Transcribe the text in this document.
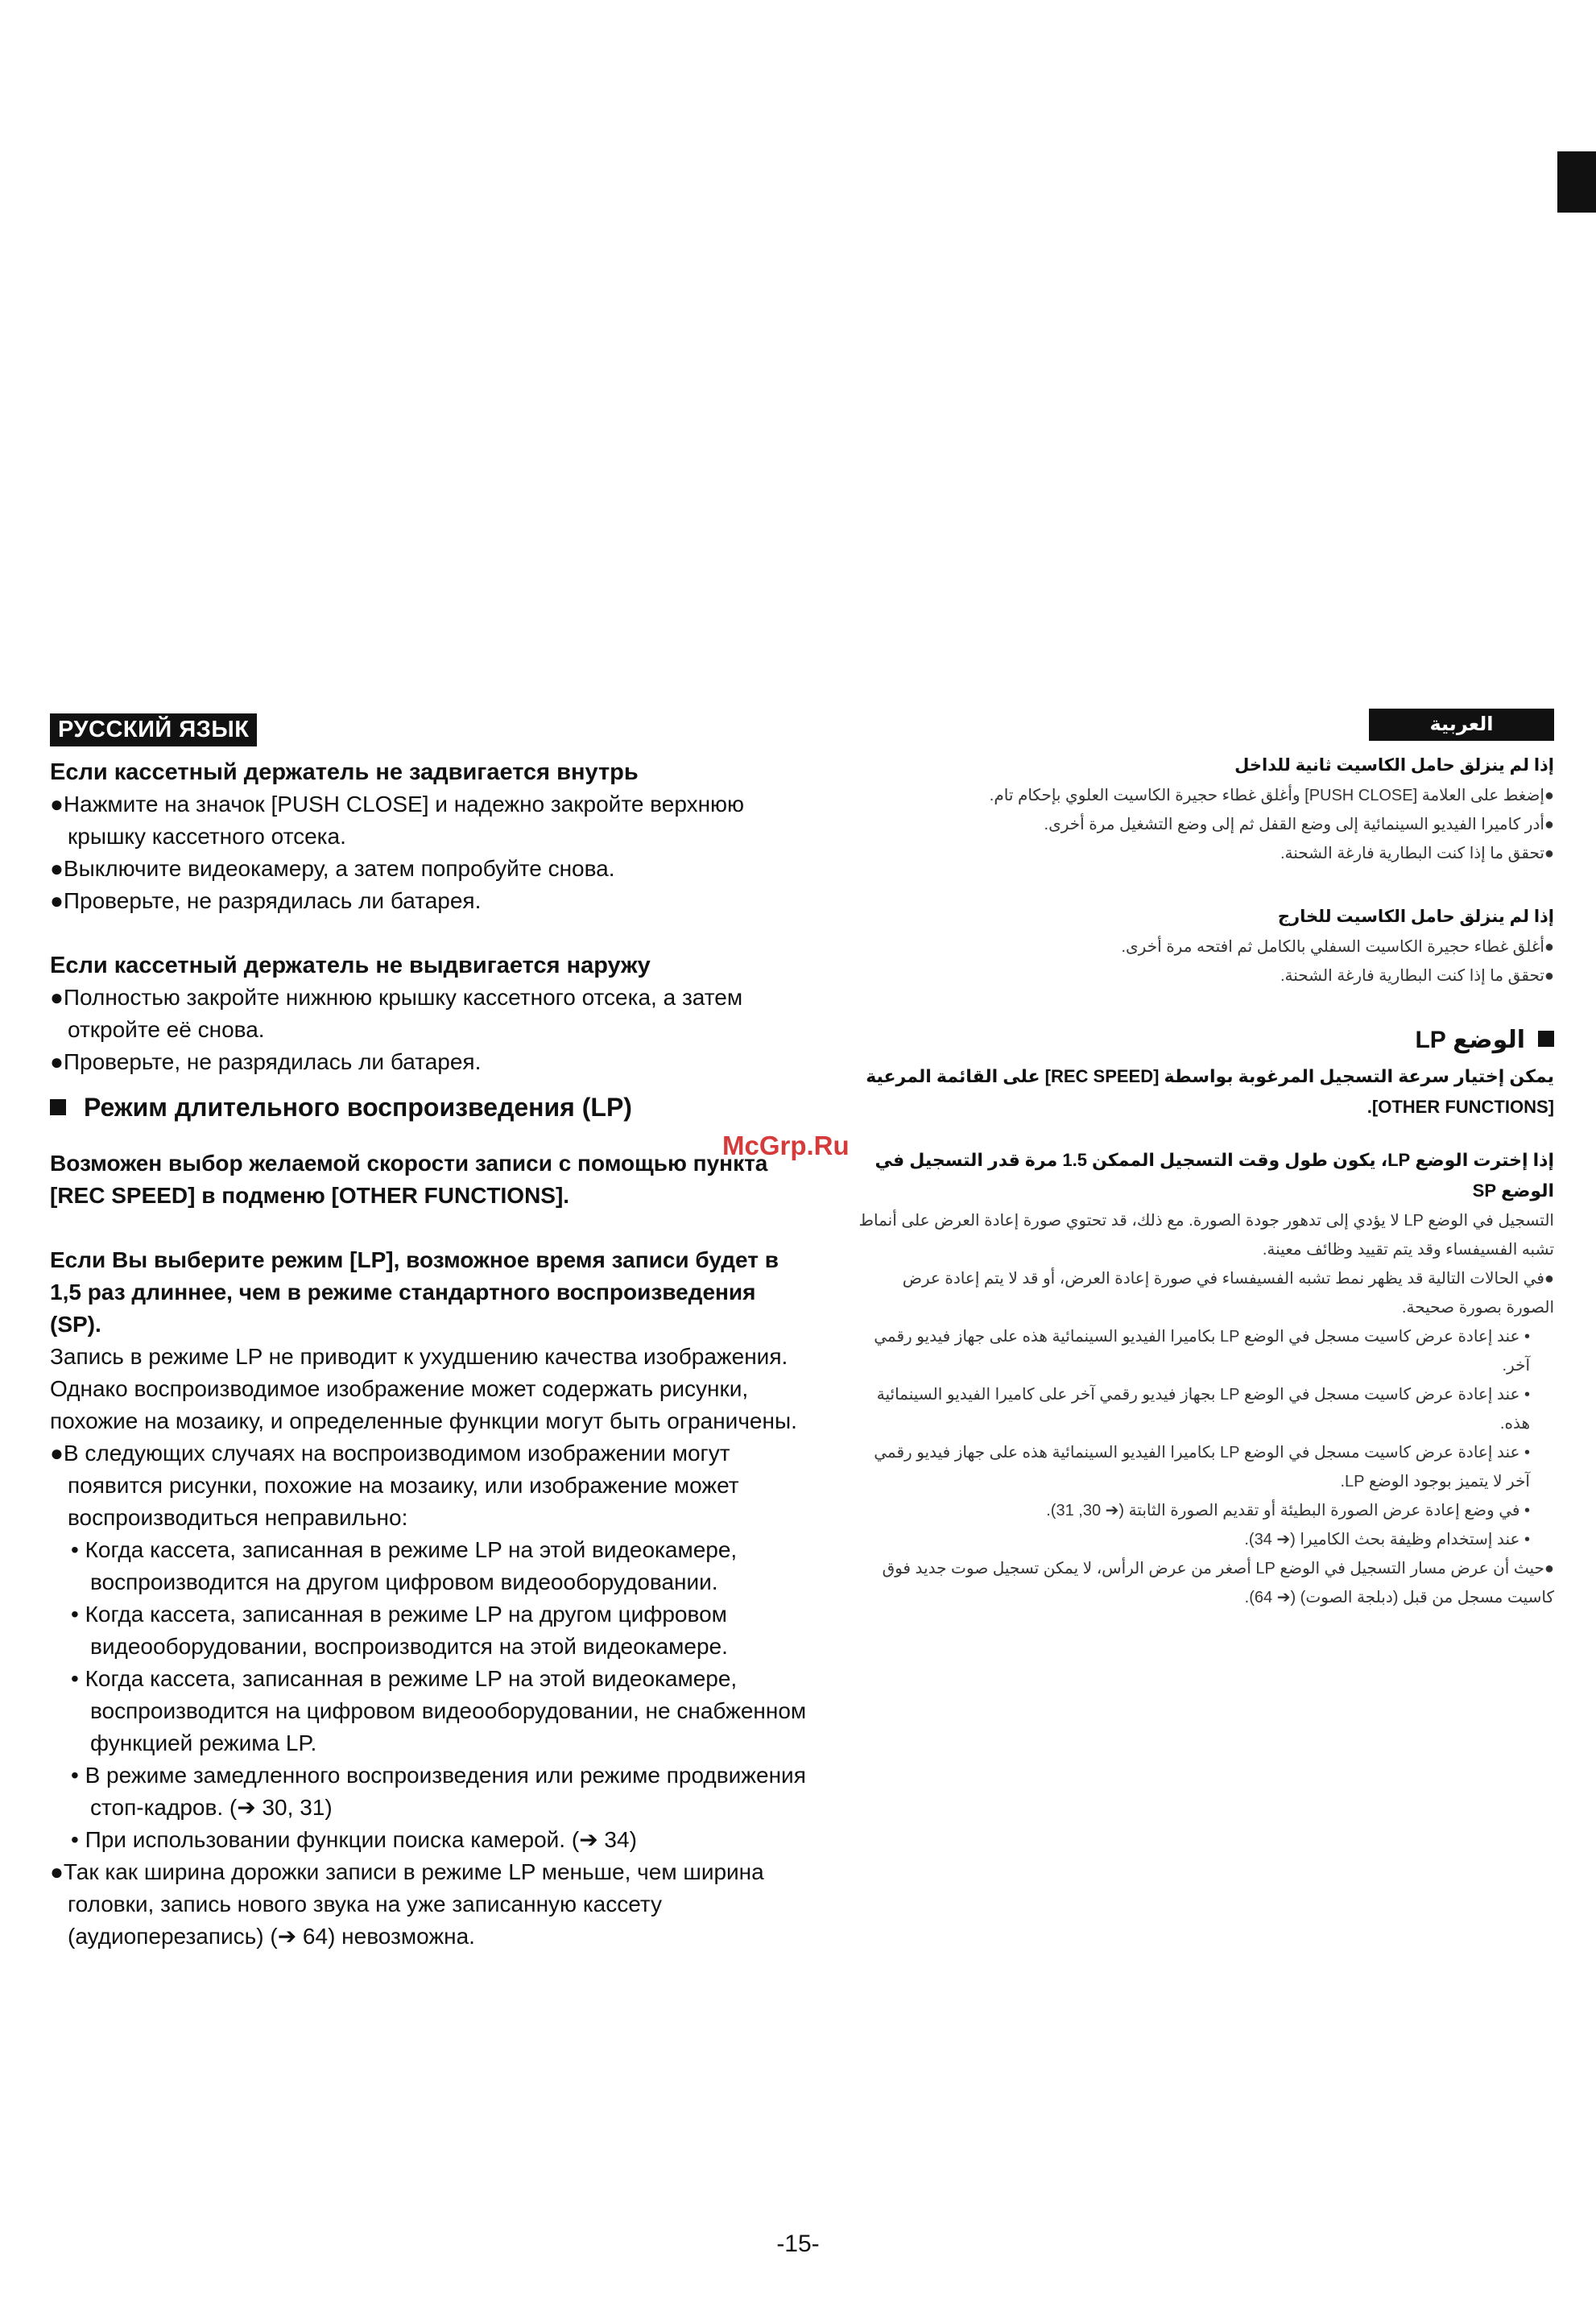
РУССКИЙ ЯЗЫК
Если кассетный держатель не задвигается внутрь

●Нажмите на значок [PUSH CLOSE] и надежно закройте верхнюю крышку кассетного отсека.

●Выключите видеокамеру, а затем попробуйте снова.

●Проверьте, не разрядилась ли батарея.

Если кассетный держатель не выдвигается наружу

●Полностью закройте нижнюю крышку кассетного отсека, а затем откройте её снова.

●Проверьте, не разрядилась ли батарея.

Режим длительного воспроизведения (LP)

Возможен выбор желаемой скорости записи с помощью пункта [REC SPEED] в подменю [OTHER FUNCTIONS].

Если Вы выберите режим [LP], возможное время записи будет в 1,5 раз длиннее, чем в режиме стандартного воспроизведения (SP).

Запись в режиме LP не приводит к ухудшению качества изображения. Однако воспроизводимое изображение может содержать рисунки, похожие на мозаику, и определенные функции могут быть ограничены.

●В следующих случаях на воспроизводимом изображении могут появится рисунки, похожие на мозаику, или изображение может воспроизводиться неправильно:

• Когда кассета, записанная в режиме LP на этой видеокамере, воспроизводится на другом цифровом видеооборудовании.

• Когда кассета, записанная в режиме LP на другом цифровом видеооборудовании, воспроизводится на этой видеокамере.

• Когда кассета, записанная в режиме LP на этой видеокамере, воспроизводится на цифровом видеооборудовании, не снабженном функцией режима LP.

• В режиме замедленного воспроизведения или режиме продвижения стоп-кадров. (➔ 30, 31)

• При использовании функции поиска камерой. (➔ 34)

●Так как ширина дорожки записи в режиме LP меньше, чем ширина головки, запись нового звука на уже записанную кассету (аудиоперезапись) (➔ 64) невозможна.

McGrp.Ru
العربية
إذا لم ينزلق حامل الكاسيت ثانية للداخل

●إضغط على العلامة [PUSH CLOSE] وأغلق غطاء حجيرة الكاسيت العلوي بإحكام تام.

●أدر كاميرا الفيديو السينمائية إلى وضع القفل ثم إلى وضع التشغيل مرة أخرى.

●تحقق ما إذا كنت البطارية فارغة الشحنة.

إذا لم ينزلق حامل الكاسيت للخارج

●أغلق غطاء حجيرة الكاسيت السفلي بالكامل ثم افتحه مرة أخرى.

●تحقق ما إذا كنت البطارية فارغة الشحنة.

الوضع LP

يمكن إختيار سرعة التسجيل المرغوبة بواسطة [REC SPEED] على القائمة المرعية [OTHER FUNCTIONS].

إذا إخترت الوضع LP، يكون طول وقت التسجيل الممكن 1.5 مرة قدر التسجيل في الوضع SP

التسجيل في الوضع LP لا يؤدي إلى تدهور جودة الصورة. مع ذلك، قد تحتوي صورة إعادة العرض على أنماط تشبه الفسيفساء وقد يتم تقييد وظائف معينة.

●في الحالات التالية قد يظهر نمط تشبه الفسيفساء في صورة إعادة العرض، أو قد لا يتم إعادة عرض الصورة بصورة صحيحة.

• عند إعادة عرض كاسيت مسجل في الوضع LP بكاميرا الفيديو السينمائية هذه على جهاز فيديو رقمي آخر.

• عند إعادة عرض كاسيت مسجل في الوضع LP بجهاز فيديو رقمي آخر على كاميرا الفيديو السينمائية هذه.

• عند إعادة عرض كاسيت مسجل في الوضع LP بكاميرا الفيديو السينمائية هذه على جهاز فيديو رقمي آخر لا يتميز بوجود الوضع LP.

• في وضع إعادة عرض الصورة البطيئة أو تقديم الصورة الثابتة (➔ 30, 31).

• عند إستخدام وظيفة بحث الكاميرا (➔ 34).

●حيث أن عرض مسار التسجيل في الوضع LP أصغر من عرض الرأس، لا يمكن تسجيل صوت جديد فوق كاسيت مسجل من قبل (دبلجة الصوت) (➔ 64).

-15-
